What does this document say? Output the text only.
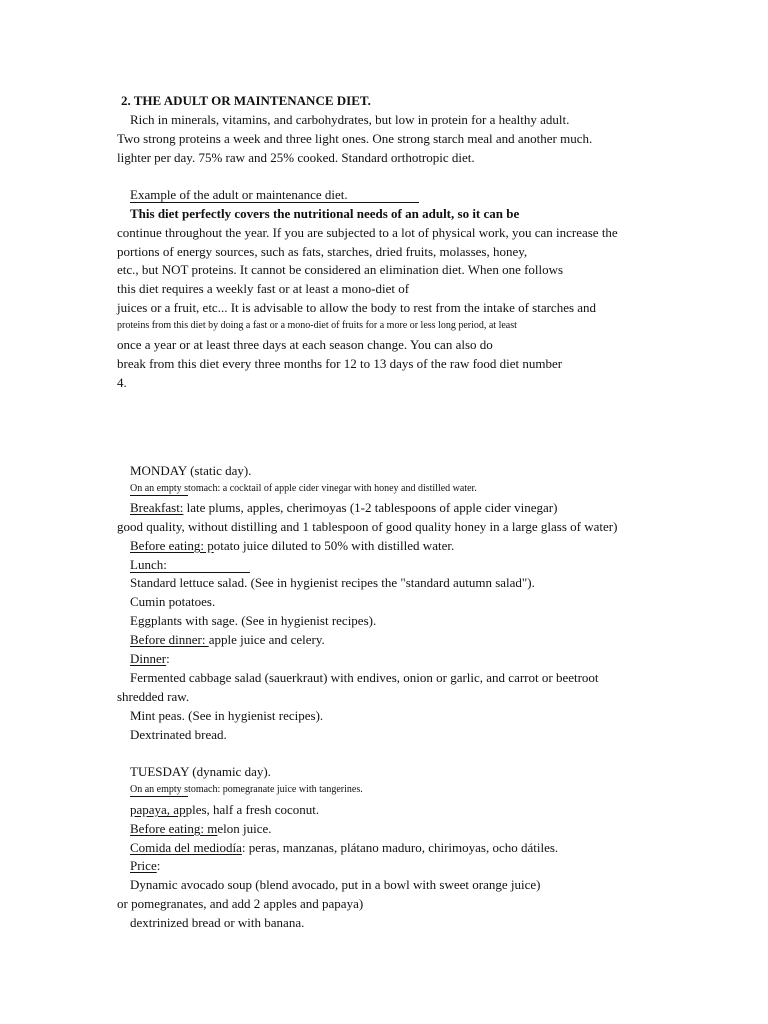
2. THE ADULT OR MAINTENANCE DIET.
Rich in minerals, vitamins, and carbohydrates, but low in protein for a healthy adult.
Two strong proteins a week and three light ones. One strong starch meal and another much.
lighter per day. 75% raw and 25% cooked. Standard orthotropic diet.
Example of the adult or maintenance diet.
This diet perfectly covers the nutritional needs of an adult, so it can be
continue throughout the year. If you are subjected to a lot of physical work, you can increase the
portions of energy sources, such as fats, starches, dried fruits, molasses, honey,
etc., but NOT proteins. It cannot be considered an elimination diet. When one follows
this diet requires a weekly fast or at least a mono-diet of
juices or a fruit, etc... It is advisable to allow the body to rest from the intake of starches and
proteins from this diet by doing a fast or a mono-diet of fruits for a more or less long period, at least
once a year or at least three days at each season change. You can also do
break from this diet every three months for 12 to 13 days of the raw food diet number
4.
MONDAY (static day).
On an empty stomach: a cocktail of apple cider vinegar with honey and distilled water.
Breakfast: late plums, apples, cherimoyas (1-2 tablespoons of apple cider vinegar)
good quality, without distilling and 1 tablespoon of good quality honey in a large glass of water)
Before eating: potato juice diluted to 50% with distilled water.
Lunch:
Standard lettuce salad. (See in hygienist recipes the "standard autumn salad").
Cumin potatoes.
Eggplants with sage. (See in hygienist recipes).
Before dinner: apple juice and celery.
Dinner:
Fermented cabbage salad (sauerkraut) with endives, onion or garlic, and carrot or beetroot
shredded raw.
Mint peas. (See in hygienist recipes).
Dextrinated bread.
TUESDAY (dynamic day).
On an empty stomach: pomegranate juice with tangerines.
papaya, apples, half a fresh coconut.
Before eating: melon juice.
Comida del mediodía: peras, manzanas, plátano maduro, chirimoyas, ocho dátiles.
Price:
Dynamic avocado soup (blend avocado, put in a bowl with sweet orange juice)
or pomegranates, and add 2 apples and papaya)
dextrinized bread or with banana.
